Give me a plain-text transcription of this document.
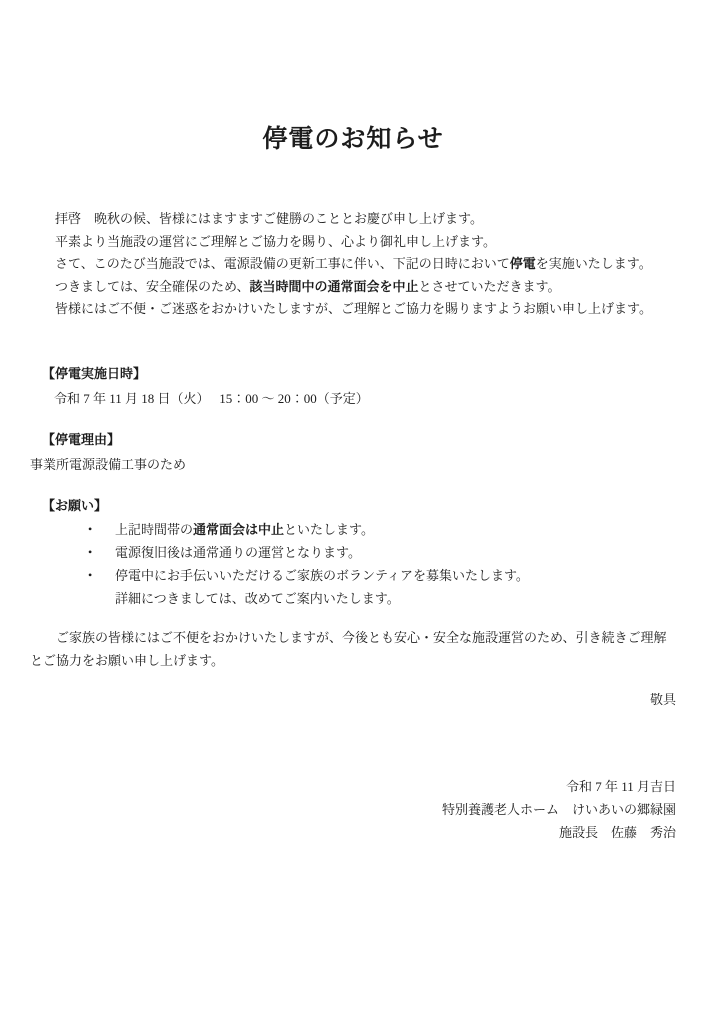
停電のお知らせ
拝啓　晩秋の候、皆様にはますますご健勝のこととお慶び申し上げます。
平素より当施設の運営にご理解とご協力を賜り、心より御礼申し上げます。
さて、このたび当施設では、電源設備の更新工事に伴い、下記の日時において停電を実施いたします。
つきましては、安全確保のため、該当時間中の通常面会を中止とさせていただきます。
皆様にはご不便・ご迷惑をおかけいたしますが、ご理解とご協力を賜りますようお願い申し上げます。
【停電実施日時】
令和 7 年 11 月 18 日（火）　 15：00 ～ 20：00（予定）
【停電理由】
事業所電源設備工事のため
【お願い】
•	上記時間帯の通常面会は中止といたします。
•	電源復旧後は通常通りの運営となります。
•	停電中にお手伝いいただけるご家族のボランティアを募集いたします。
詳細につきましては、改めてご案内いたします。
ご家族の皆様にはご不便をおかけいたしますが、今後とも安心・安全な施設運営のため、引き続きご理解とご協力をお願い申し上げます。
敬具
令和 7 年 11 月吉日
特別養護老人ホーム　けいあいの郷緑園
施設長　佐藤　秀治
